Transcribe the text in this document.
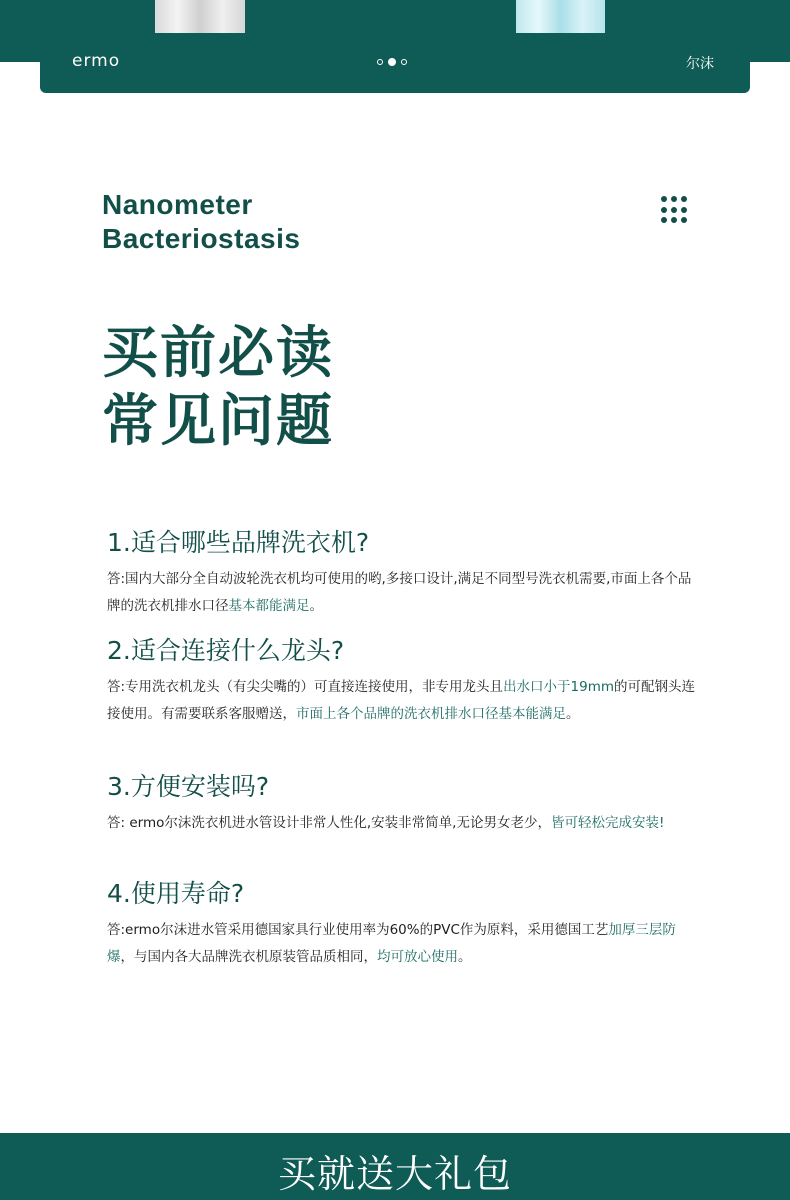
ermo	尔沫
Nanometer
Bacteriostasis
买前必读
常见问题

1.适合哪些品牌洗衣机?

答:国内大部分全自动波轮洗衣机均可使用的哟,多接口设计,满足不同型号洗衣机需要,市面上各个品牌的洗衣机排水口径基本都能满足。

2.适合连接什么龙头?

答:专用洗衣机龙头（有尖尖嘴的）可直接连接使用，非专用龙头且出水口小于19mm的可配钢头连接使用。有需要联系客服赠送，市面上各个品牌的洗衣机排水口径基本能满足。

3.方便安装吗?

答: ermo尔沫洗衣机进水管设计非常人性化,安装非常简单,无论男女老少，皆可轻松完成安装!

4.使用寿命?

答:ermo尔沫进水管采用德国家具行业使用率为60%的PVC作为原料，采用德国工艺加厚三层防爆，与国内各大品牌洗衣机原装管品质相同，均可放心使用。

买就送大礼包
